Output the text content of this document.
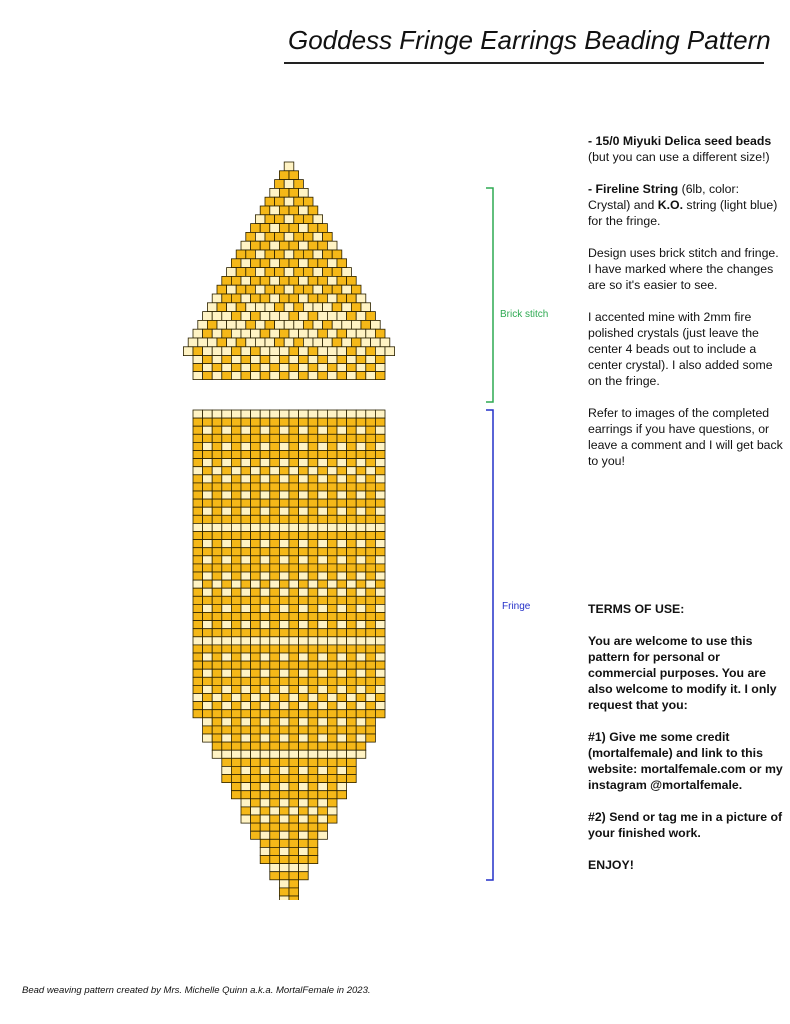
Goddess Fringe Earrings Beading Pattern
Brick stitch
Fringe

- 15/0 Miyuki Delica seed beads (but you can use a different size!)

- Fireline String (6lb, color: Crystal) and K.O. string (light blue) for the fringe.

Design uses brick stitch and fringe. I have marked where the changes are so it's easier to see.

I accented mine with 2mm fire polished crystals (just leave the center 4 beads out to include a center crystal). I also added some on the fringe.

Refer to images of the completed earrings if you have questions, or leave a comment and I will get back to you!

TERMS OF USE:

You are welcome to use this pattern for personal or commercial purposes. You are also welcome to modify it. I only request that you:

#1) Give me some credit (mortalfemale) and link to this website: mortalfemale.com or my instagram @mortalfemale.

#2) Send or tag me in a picture of your finished work.

ENJOY!

Bead weaving pattern created by Mrs. Michelle Quinn a.k.a. MortalFemale in 2023.
